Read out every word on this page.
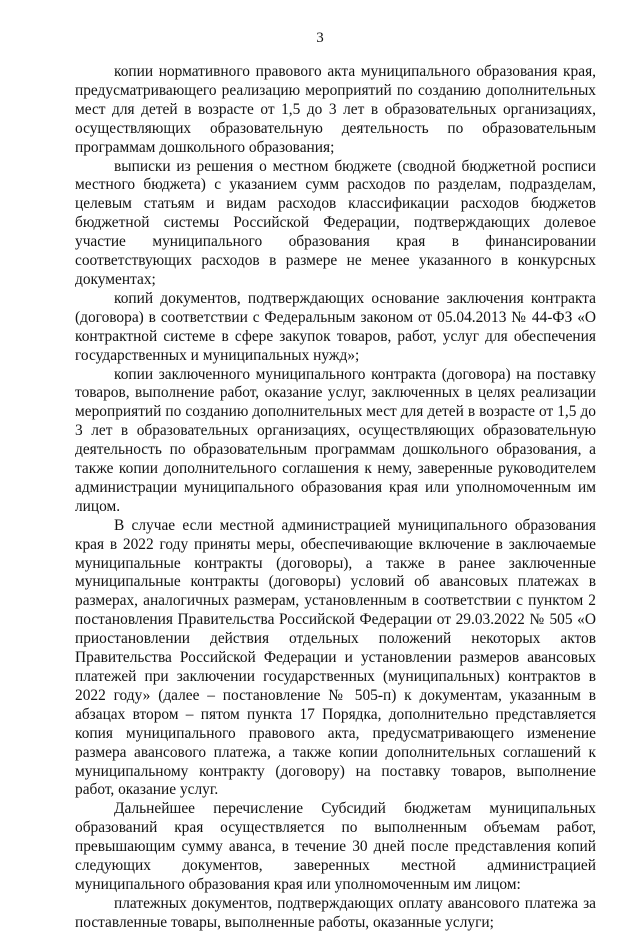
3

копии нормативного правового акта муниципального образования края, предусматривающего реализацию мероприятий по созданию дополнительных мест для детей в возрасте от 1,5 до 3 лет в образовательных организациях, осуществляющих образовательную деятельность по образовательным программам дошкольного образования;

выписки из решения о местном бюджете (сводной бюджетной росписи местного бюджета) с указанием сумм расходов по разделам, подразделам, целевым статьям и видам расходов классификации расходов бюджетов бюджетной системы Российской Федерации, подтверждающих долевое участие муниципального образования края в финансировании соответствующих расходов в размере не менее указанного в конкурсных документах;

копий документов, подтверждающих основание заключения контракта (договора) в соответствии с Федеральным законом от 05.04.2013 № 44-ФЗ «О контрактной системе в сфере закупок товаров, работ, услуг для обеспечения государственных и муниципальных нужд»;

копии заключенного муниципального контракта (договора) на поставку товаров, выполнение работ, оказание услуг, заключенных в целях реализации мероприятий по созданию дополнительных мест для детей в возрасте от 1,5 до 3 лет в образовательных организациях, осуществляющих образовательную деятельность по образовательным программам дошкольного образования, а также копии дополнительного соглашения к нему, заверенные руководителем администрации муниципального образования края или уполномоченным им лицом.

В случае если местной администрацией муниципального образования края в 2022 году приняты меры, обеспечивающие включение в заключаемые муниципальные контракты (договоры), а также в ранее заключенные муниципальные контракты (договоры) условий об авансовых платежах в размерах, аналогичных размерам, установленным в соответствии с пунктом 2 постановления Правительства Российской Федерации от 29.03.2022 № 505 «О приостановлении действия отдельных положений некоторых актов Правительства Российской Федерации и установлении размеров авансовых платежей при заключении государственных (муниципальных) контрактов в 2022 году» (далее – постановление № 505-п) к документам, указанным в абзацах втором – пятом пункта 17 Порядка, дополнительно представляется копия муниципального правового акта, предусматривающего изменение размера авансового платежа, а также копии дополнительных соглашений к муниципальному контракту (договору) на поставку товаров, выполнение работ, оказание услуг.

Дальнейшее перечисление Субсидий бюджетам муниципальных образований края осуществляется по выполненным объемам работ, превышающим сумму аванса, в течение 30 дней после представления копий следующих документов, заверенных местной администрацией муниципального образования края или уполномоченным им лицом:

платежных документов, подтверждающих оплату авансового платежа за поставленные товары, выполненные работы, оказанные услуги;
